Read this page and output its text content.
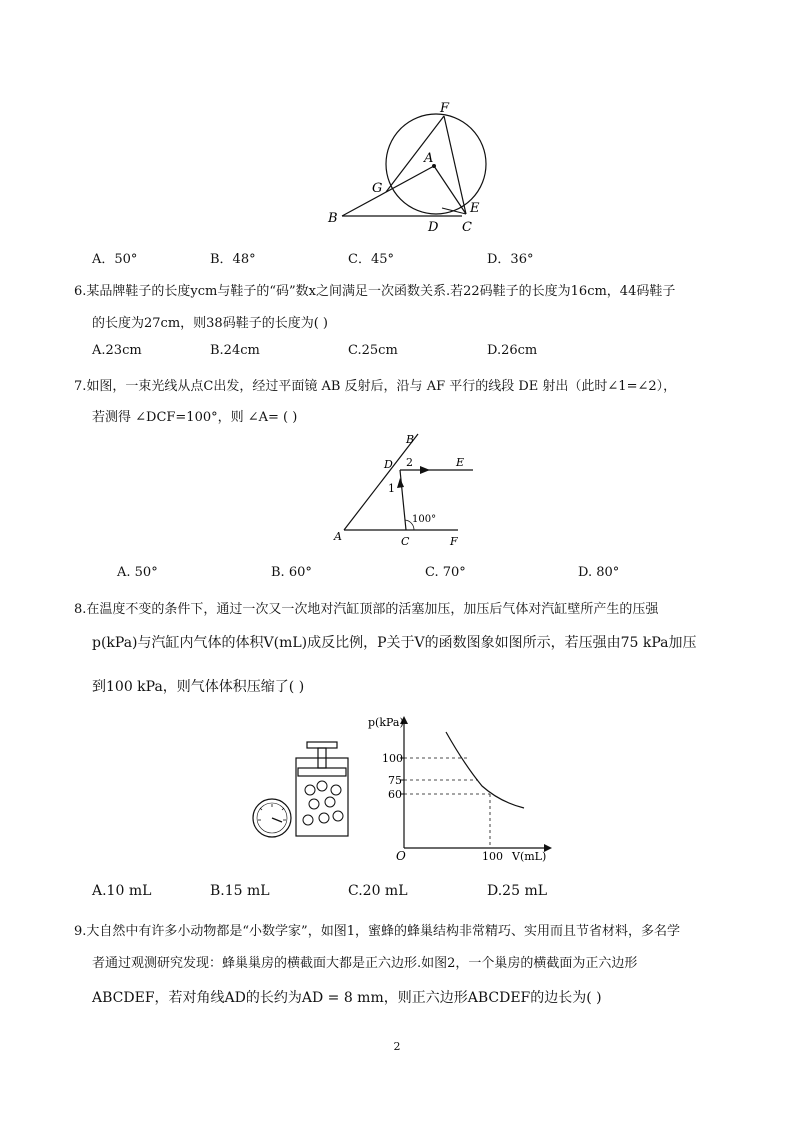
F
A
G
B
E
D C
A．50°	B．48°	C．45°	D．36°
6.某品牌鞋子的长度ycm与鞋子的“码”数x之间满足一次函数关系.若22码鞋子的长度为16cm，44码鞋子
的长度为27cm，则38码鞋子的长度为( )
A.23cm	B.24cm	C.25cm	D.26cm
7.如图，一束光线从点C出发，经过平面镜 AB 反射后，沿与 AF 平行的线段 DE 射出（此时∠1=∠2），
若测得 ∠DCF=100°，则 ∠A= ( )
B
D 2	E
1
100°
A	C	F
A. 50°	B. 60°	C. 70°	D. 80°
8.在温度不变的条件下，通过一次又一次地对汽缸顶部的活塞加压，加压后气体对汽缸壁所产生的压强
p(kPa)与汽缸内气体的体积V(mL)成反比例，P关于V的函数图象如图所示，若压强由75 kPa加压
到100 kPa，则气体体积压缩了( )
p(kPa)
100
75
60
O	100 V(mL)
A.10 mL	B.15 mL	C.20 mL	D.25 mL
9.大自然中有许多小动物都是“小数学家”，如图1，蜜蜂的蜂巢结构非常精巧、实用而且节省材料，多名学
者通过观测研究发现：蜂巢巢房的横截面大都是正六边形.如图2，一个巢房的横截面为正六边形
ABCDEF，若对角线AD的长约为AD = 8 mm，则正六边形ABCDEF的边长为( )
2
